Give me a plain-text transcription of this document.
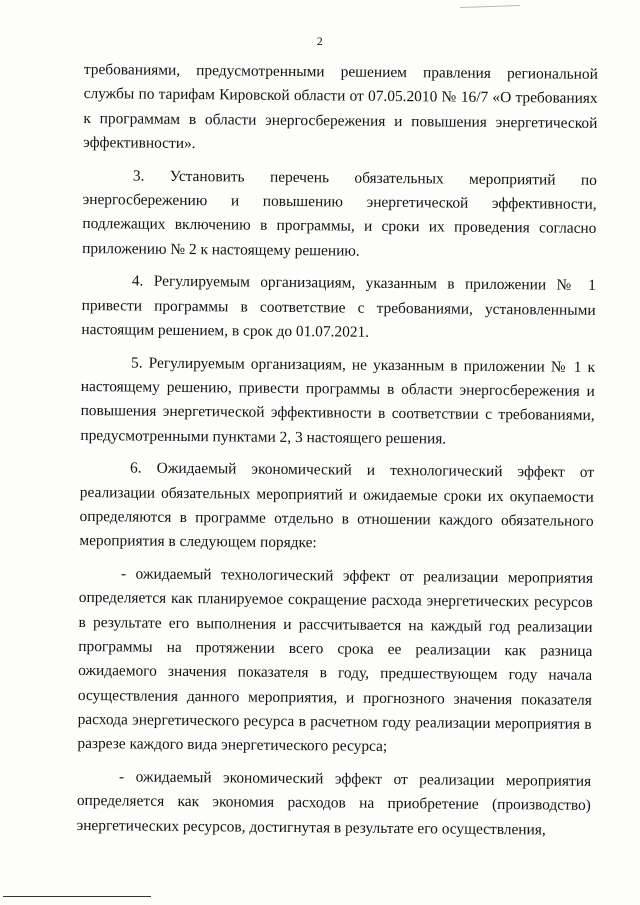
2

требованиями, предусмотренными решением правления региональной службы по тарифам Кировской области от 07.05.2010 № 16/7 «О требованиях к программам в области энергосбережения и повышения энергетической эффективности».

3. Установить перечень обязательных мероприятий по энергосбережению и повышению энергетической эффективности, подлежащих включению в программы, и сроки их проведения согласно приложению № 2 к настоящему решению.

4. Регулируемым организациям, указанным в приложении № 1 привести программы в соответствие с требованиями, установленными настоящим решением, в срок до 01.07.2021.

5. Регулируемым организациям, не указанным в приложении № 1 к настоящему решению, привести программы в области энергосбережения и повышения энергетической эффективности в соответствии с требованиями, предусмотренными пунктами 2, 3 настоящего решения.

6. Ожидаемый экономический и технологический эффект от реализации обязательных мероприятий и ожидаемые сроки их окупаемости определяются в программе отдельно в отношении каждого обязательного мероприятия в следующем порядке:

- ожидаемый технологический эффект от реализации мероприятия определяется как планируемое сокращение расхода энергетических ресурсов в результате его выполнения и рассчитывается на каждый год реализации программы на протяжении всего срока ее реализации как разница ожидаемого значения показателя в году, предшествующем году начала осуществления данного мероприятия, и прогнозного значения показателя расхода энергетического ресурса в расчетном году реализации мероприятия в разрезе каждого вида энергетического ресурса;

- ожидаемый экономический эффект от реализации мероприятия определяется как экономия расходов на приобретение (производство) энергетических ресурсов, достигнутая в результате его осуществления,
